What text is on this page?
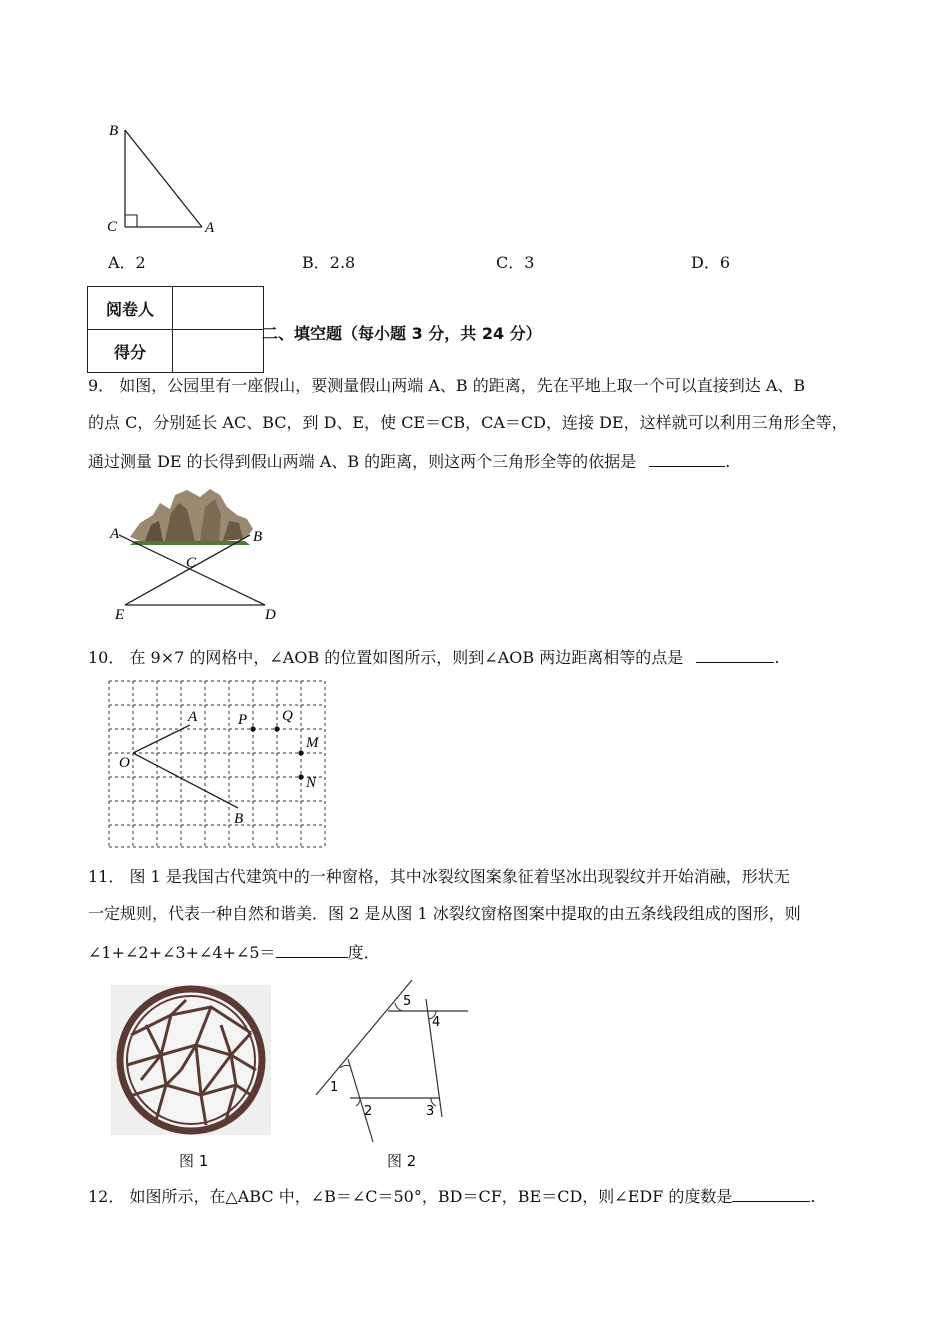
B
C	A
A．2	B．2.8	C．3	D．6
阅卷人	
得分	
二、填空题（每小题 3 分，共 24 分）
9． 如图，公园里有一座假山，要测量假山两端 A、B 的距离，先在平地上取一个可以直接到达 A、B
的点 C，分别延长 AC、BC，到 D、E，使 CE＝CB，CA＝CD，连接 DE，这样就可以利用三角形全等，
通过测量 DE 的长得到假山两端 A、B 的距离，则这两个三角形全等的依据是	.
A	B
C
E	D
10． 在 9×7 的网格中，∠AOB 的位置如图所示，则到∠AOB 两边距离相等的点是	.
A
O
B
P Q
M
N
11． 图 1 是我国古代建筑中的一种窗格，其中冰裂纹图案象征着坚冰出现裂纹并开始消融，形状无
一定规则，代表一种自然和谐美．图 2 是从图 1 冰裂纹窗格图案中提取的由五条线段组成的图形，则
∠1+∠2+∠3+∠4+∠5＝	度．
图 1
5
4
1
2	3
图 2
12． 如图所示，在△ABC 中，∠B＝∠C＝50°，BD＝CF，BE＝CD，则∠EDF 的度数是	.
